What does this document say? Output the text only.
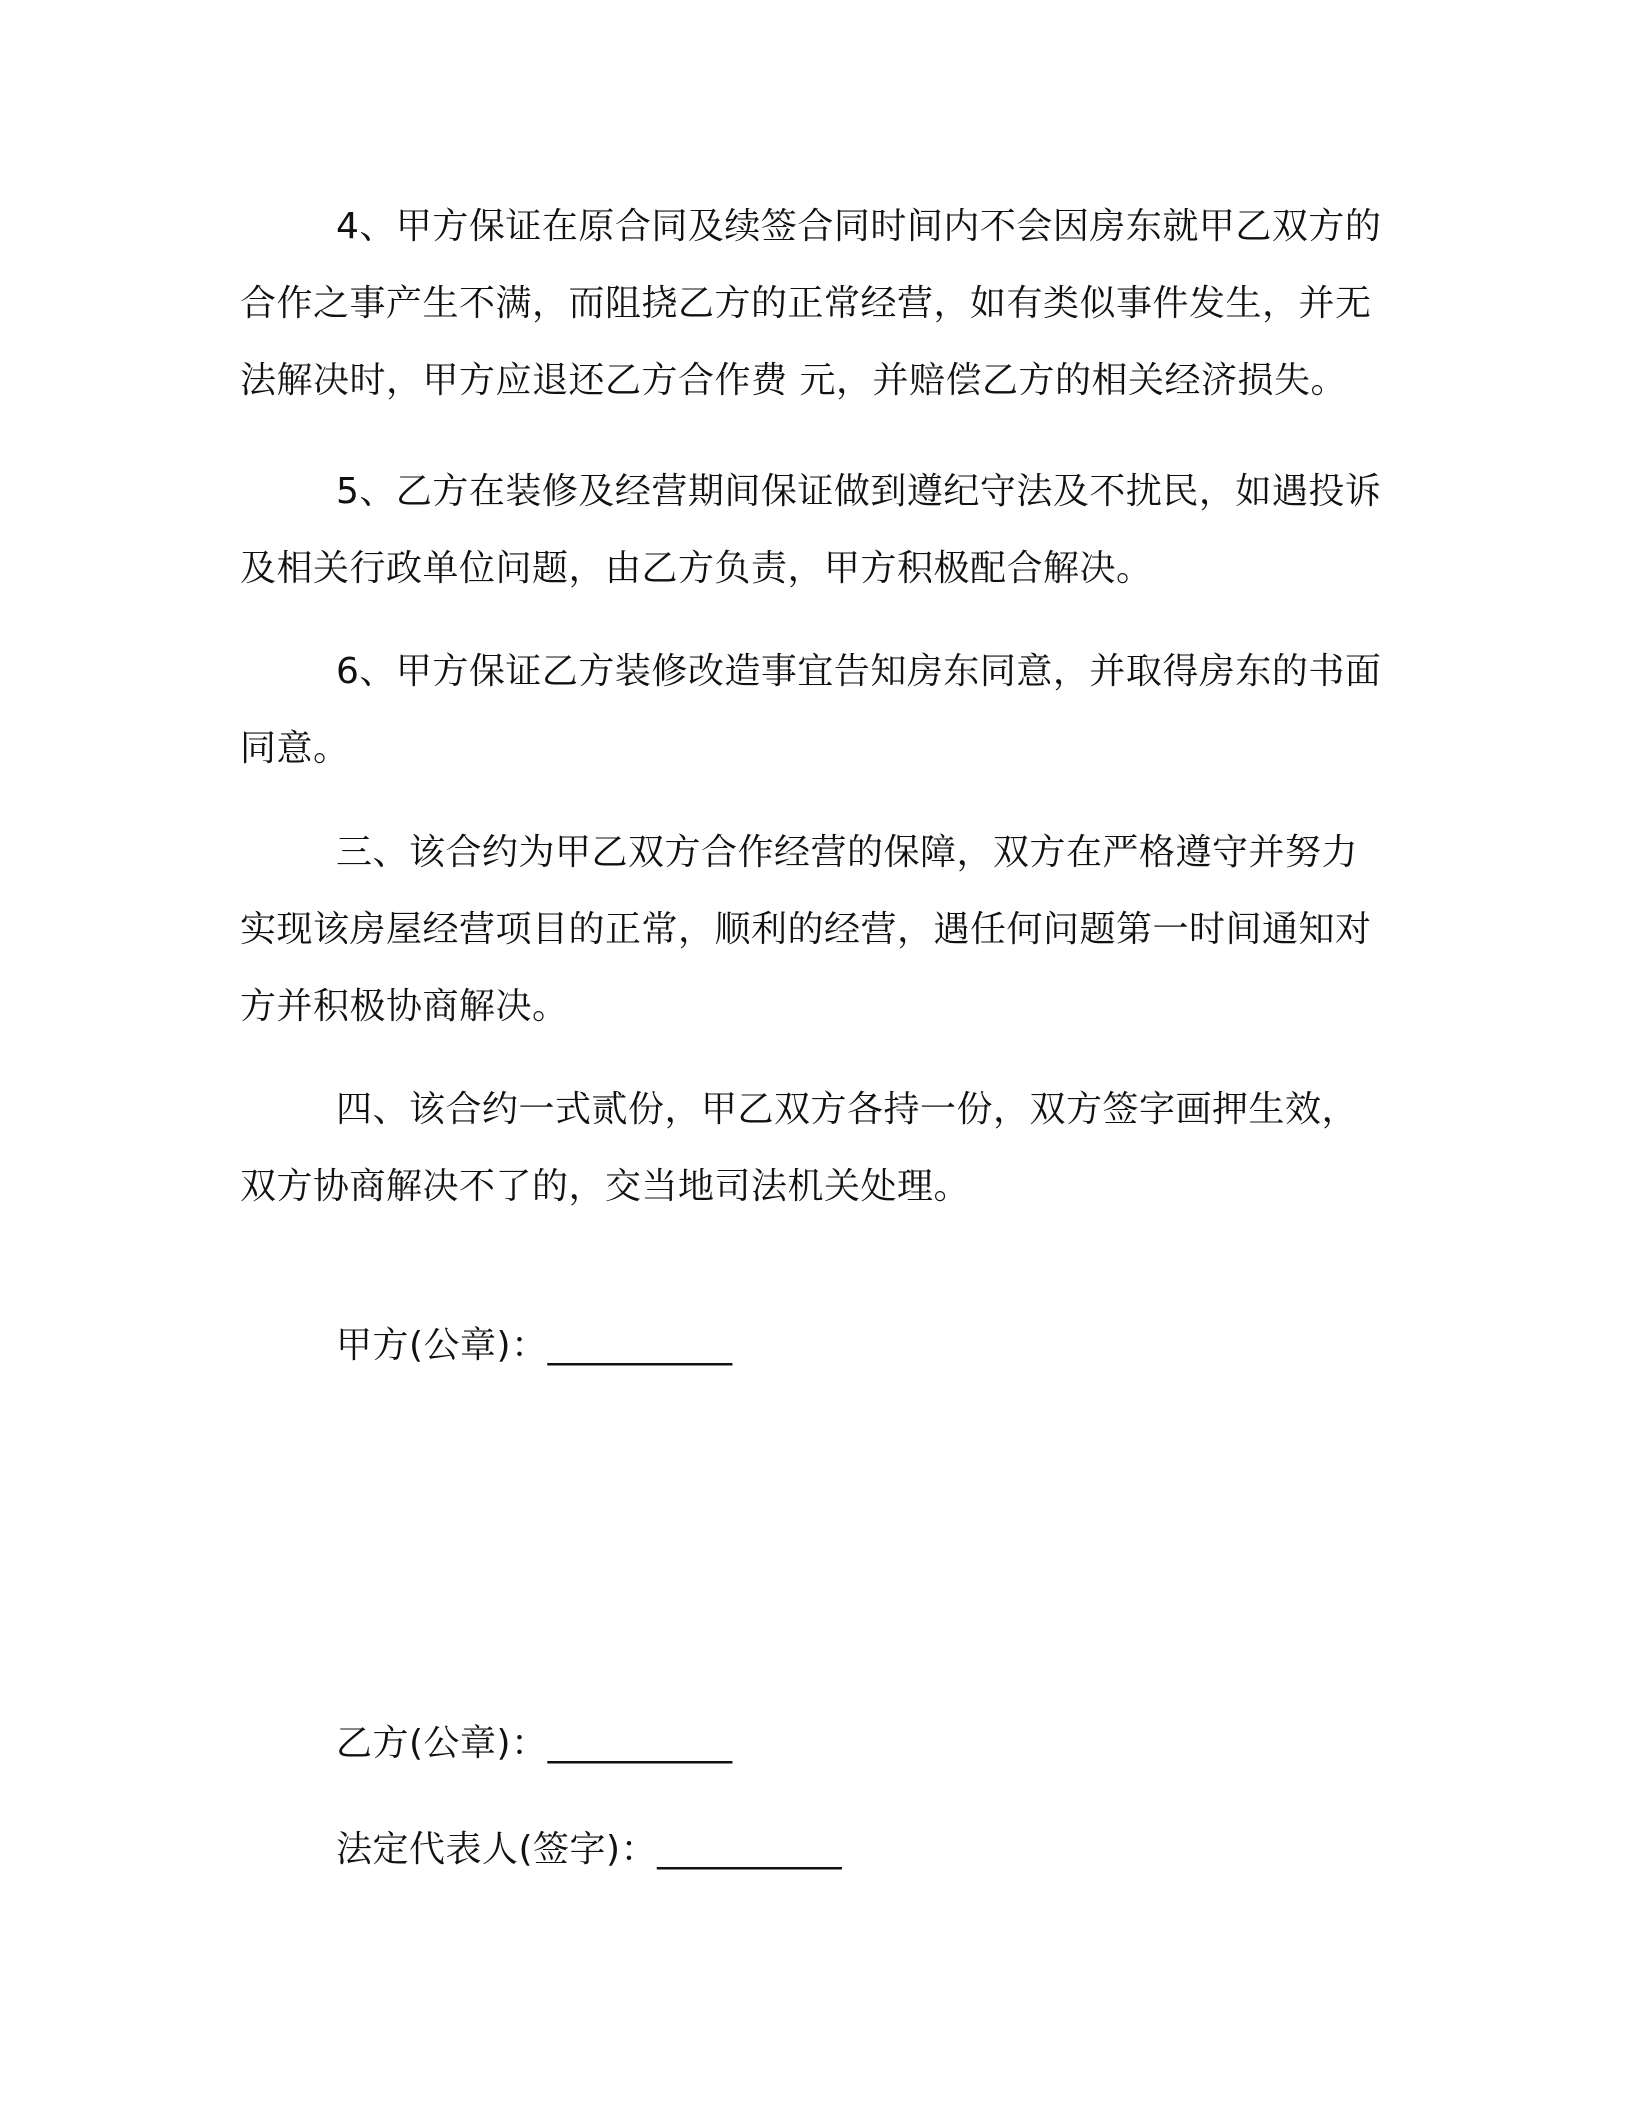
4、甲方保证在原合同及续签合同时间内不会因房东就甲乙双方的合作之事产生不满，而阻挠乙方的正常经营，如有类似事件发生，并无法解决时，甲方应退还乙方合作费 元，并赔偿乙方的相关经济损失。

5、乙方在装修及经营期间保证做到遵纪守法及不扰民，如遇投诉及相关行政单位问题，由乙方负责，甲方积极配合解决。

6、甲方保证乙方装修改造事宜告知房东同意，并取得房东的书面同意。

三、该合约为甲乙双方合作经营的保障，双方在严格遵守并努力实现该房屋经营项目的正常，顺利的经营，遇任何问题第一时间通知对方并积极协商解决。

四、该合约一式贰份，甲乙双方各持一份，双方签字画押生效，双方协商解决不了的，交当地司法机关处理。

甲方(公章)：__________
乙方(公章)：__________
法定代表人(签字)：__________
